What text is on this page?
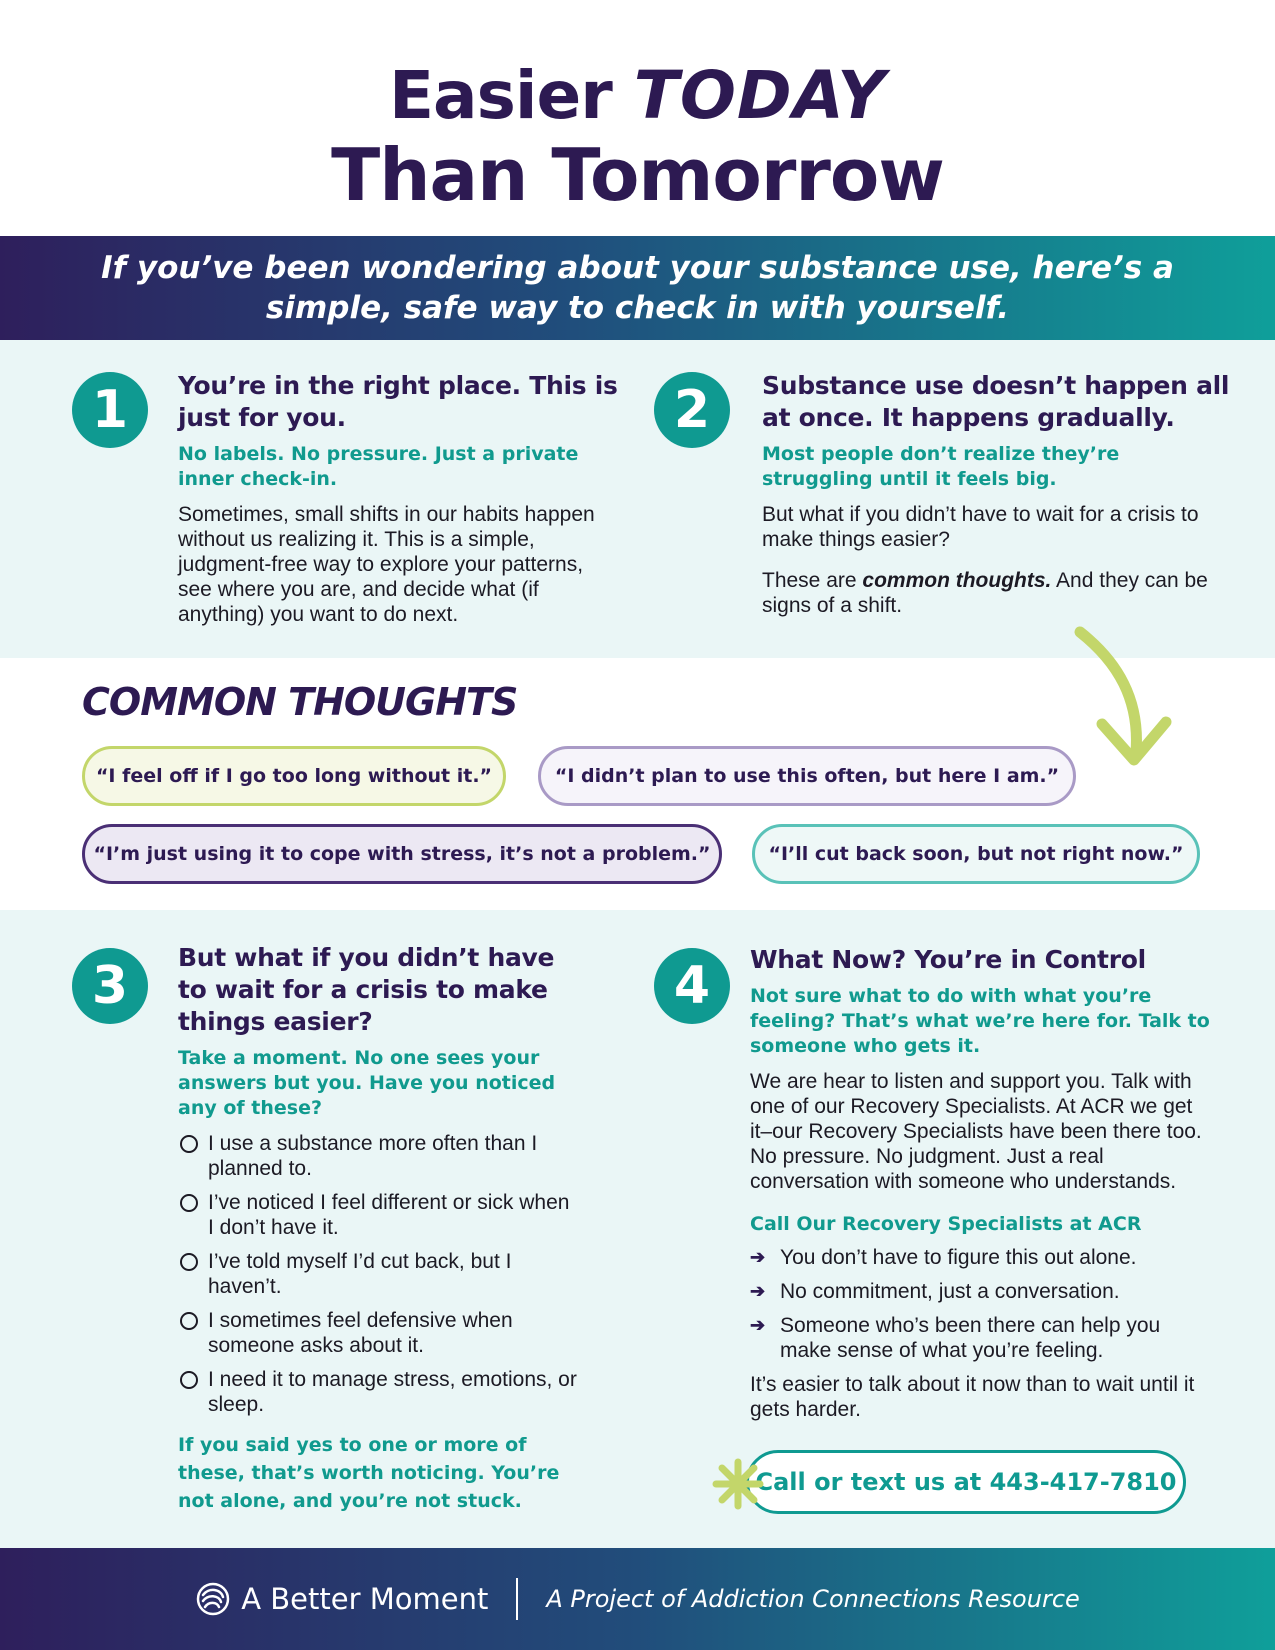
Easier TODAY
Than Tomorrow
If you’ve been wondering about your substance use, here’s a simple, safe way to check in with yourself.
1	You’re in the right place. This is just for you.
No labels. No pressure. Just a private inner check-in.
Sometimes, small shifts in our habits happen without us realizing it. This is a simple, judgment-free way to explore your patterns, see where you are, and decide what (if anything) you want to do next.
2	Substance use doesn’t happen all at once. It happens gradually.
Most people don’t realize they’re struggling until it feels big.
But what if you didn’t have to wait for a crisis to make things easier?
These are common thoughts. And they can be signs of a shift.
COMMON THOUGHTS
“I feel off if I go too long without it.”	“I didn’t plan to use this often, but here I am.”
“I’m just using it to cope with stress, it’s not a problem.”	“I’ll cut back soon, but not right now.”
3	But what if you didn’t have to wait for a crisis to make things easier?
Take a moment. No one sees your answers but you. Have you noticed any of these?
I use a substance more often than I planned to.
I’ve noticed I feel different or sick when I don’t have it.
I’ve told myself I’d cut back, but I haven’t.
I sometimes feel defensive when someone asks about it.
I need it to manage stress, emotions, or sleep.
If you said yes to one or more of these, that’s worth noticing. You’re not alone, and you’re not stuck.
4	What Now? You’re in Control
Not sure what to do with what you’re feeling? That’s what we’re here for. Talk to someone who gets it.
We are hear to listen and support you. Talk with one of our Recovery Specialists. At ACR we get it–our Recovery Specialists have been there too. No pressure. No judgment. Just a real conversation with someone who understands.
Call Our Recovery Specialists at ACR
➔ You don’t have to figure this out alone.
➔ No commitment, just a conversation.
➔ Someone who’s been there can help you make sense of what you’re feeling.
It’s easier to talk about it now than to wait until it gets harder.
Call or text us at 443-417-7810
A Better Moment A Project of Addiction Connections Resource
